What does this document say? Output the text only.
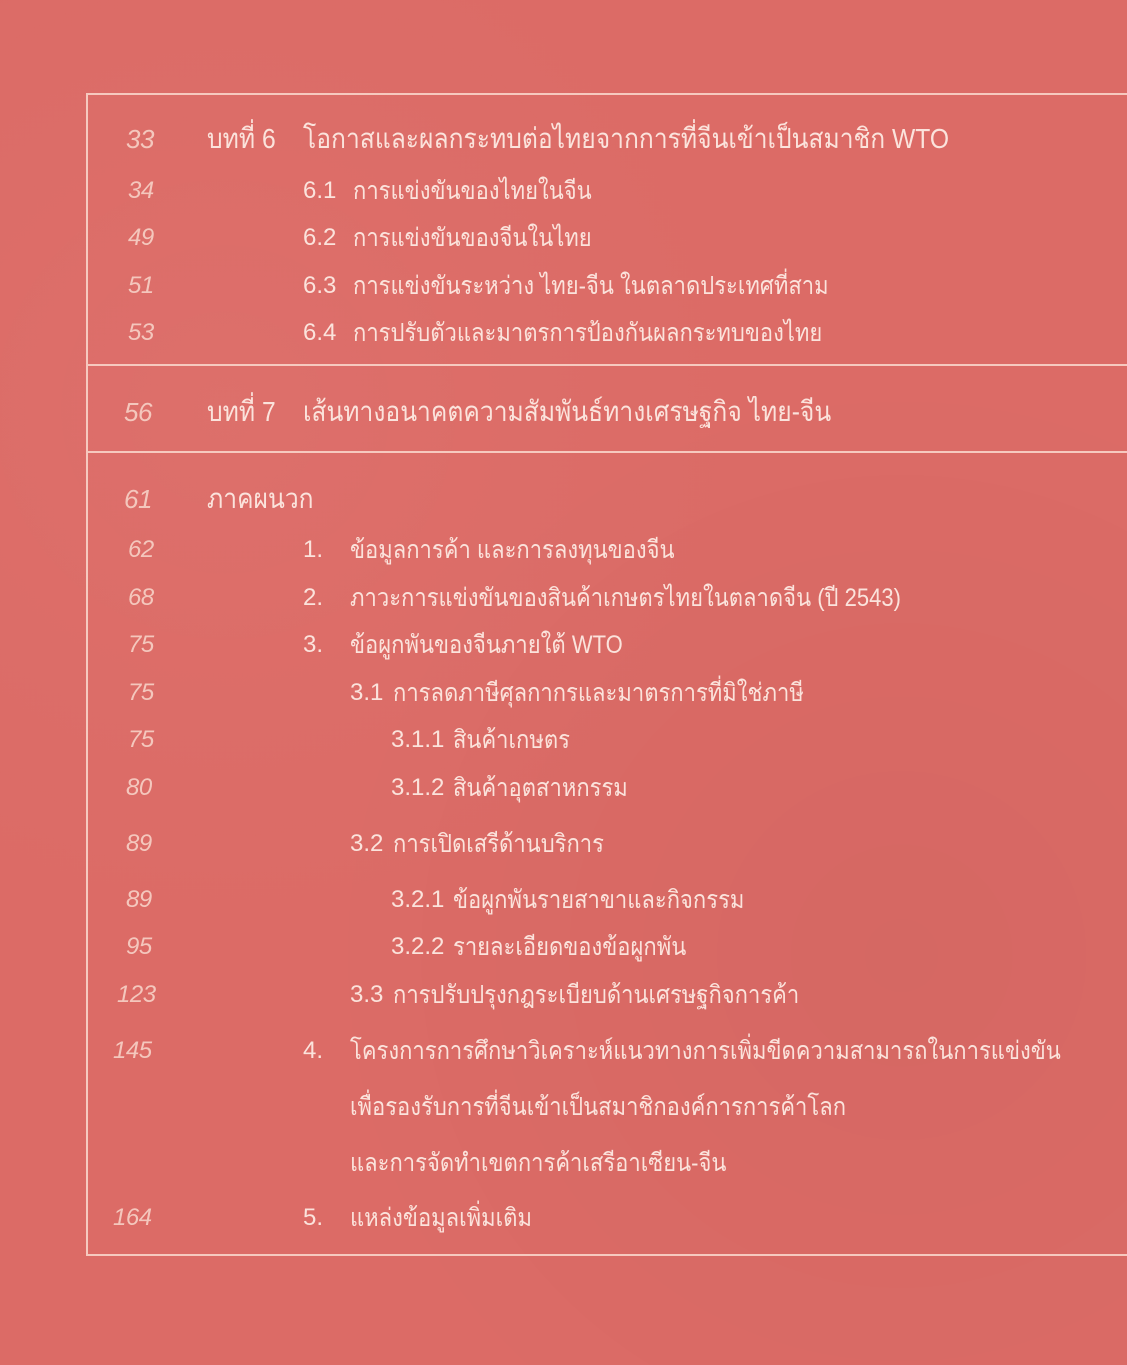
33 บทที่ 6 โอกาสและผลกระทบต่อไทยจากการที่จีนเข้าเป็นสมาชิก WTO
34	6.1 การแข่งขันของไทยในจีน
49	6.2 การแข่งขันของจีนในไทย
51	6.3 การแข่งขันระหว่าง ไทย-จีน ในตลาดประเทศที่สาม
53	6.4 การปรับตัวและมาตรการป้องกันผลกระทบของไทย
56 บทที่ 7 เส้นทางอนาคตความสัมพันธ์ทางเศรษฐกิจ ไทย-จีน
61 ภาคผนวก
62	1. ข้อมูลการค้า และการลงทุนของจีน
68	2. ภาวะการแข่งขันของสินค้าเกษตรไทยในตลาดจีน (ปี 2543)
75	3. ข้อผูกพันของจีนภายใต้ WTO
75	3.1 การลดภาษีศุลกากรและมาตรการที่มิใช่ภาษี
75	3.1.1 สินค้าเกษตร
80	3.1.2 สินค้าอุตสาหกรรม
89	3.2 การเปิดเสรีด้านบริการ
89	3.2.1 ข้อผูกพันรายสาขาและกิจกรรม
95	3.2.2 รายละเอียดของข้อผูกพัน
123	3.3 การปรับปรุงกฎระเบียบด้านเศรษฐกิจการค้า
145	4. โครงการการศึกษาวิเคราะห์แนวทางการเพิ่มขีดความสามารถในการแข่งขัน
เพื่อรองรับการที่จีนเข้าเป็นสมาชิกองค์การการค้าโลก
และการจัดทำเขตการค้าเสรีอาเซียน-จีน
164	5. แหล่งข้อมูลเพิ่มเติม
